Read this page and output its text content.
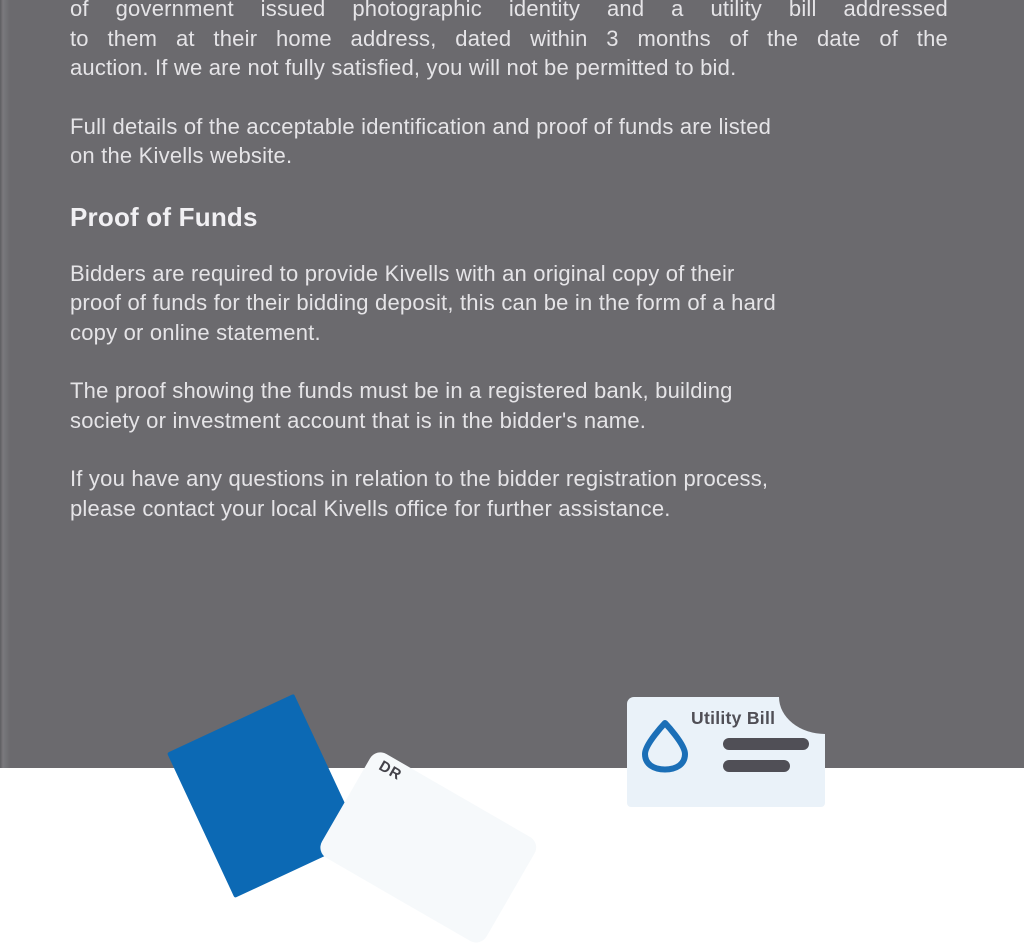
of government issued photographic identity and a utility bill addressed
to them at their home address, dated within 3 months of the date of the
auction. If we are not fully satisfied, you will not be permitted to bid.

Full details of the acceptable identification and proof of funds are listed
on the Kivells website.

Proof of Funds

Bidders are required to provide Kivells with an original copy of their
proof of funds for their bidding deposit, this can be in the form of a hard
copy or online statement.

The proof showing the funds must be in a registered bank, building
society or investment account that is in the bidder's name.

If you have any questions in relation to the bidder registration process,
please contact your local Kivells office for further assistance.

DR
Utility Bill
